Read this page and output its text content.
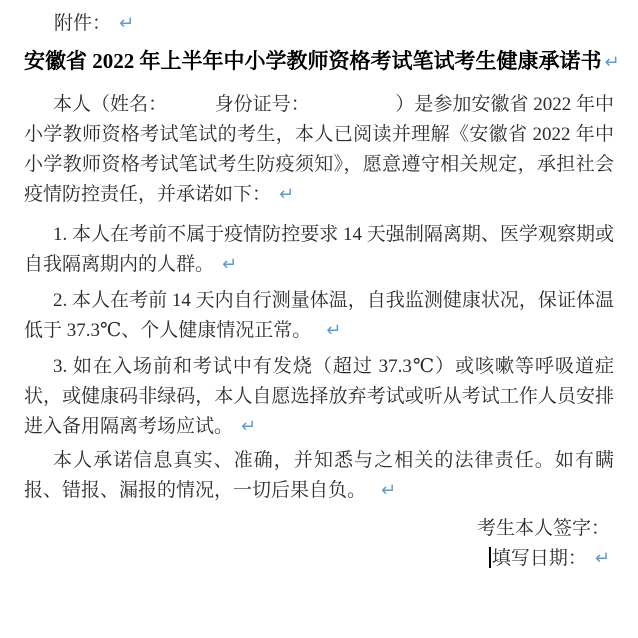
附件： ↵
安徽省 2022 年上半年中小学教师资格考试笔试考生健康承诺书 ↵

本人（姓名：　　　身份证号：　　　　　）是参加安徽省 2022 年中小学教师资格考试笔试的考生，本人已阅读并理解《安徽省 2022 年中小学教师资格考试笔试考生防疫须知》，愿意遵守相关规定，承担社会疫情防控责任，并承诺如下： ↵

1. 本人在考前不属于疫情防控要求 14 天强制隔离期、医学观察期或自我隔离期内的人群。 ↵

2. 本人在考前 14 天内自行测量体温，自我监测健康状况，保证体温低于 37.3℃、个人健康情况正常。 ↵

3. 如在入场前和考试中有发烧（超过 37.3℃）或咳嗽等呼吸道症状，或健康码非绿码，本人自愿选择放弃考试或听从考试工作人员安排进入备用隔离考场应试。 ↵

本人承诺信息真实、准确，并知悉与之相关的法律责任。如有瞒报、错报、漏报的情况，一切后果自负。 ↵

考生本人签字：
填写日期： ↵
